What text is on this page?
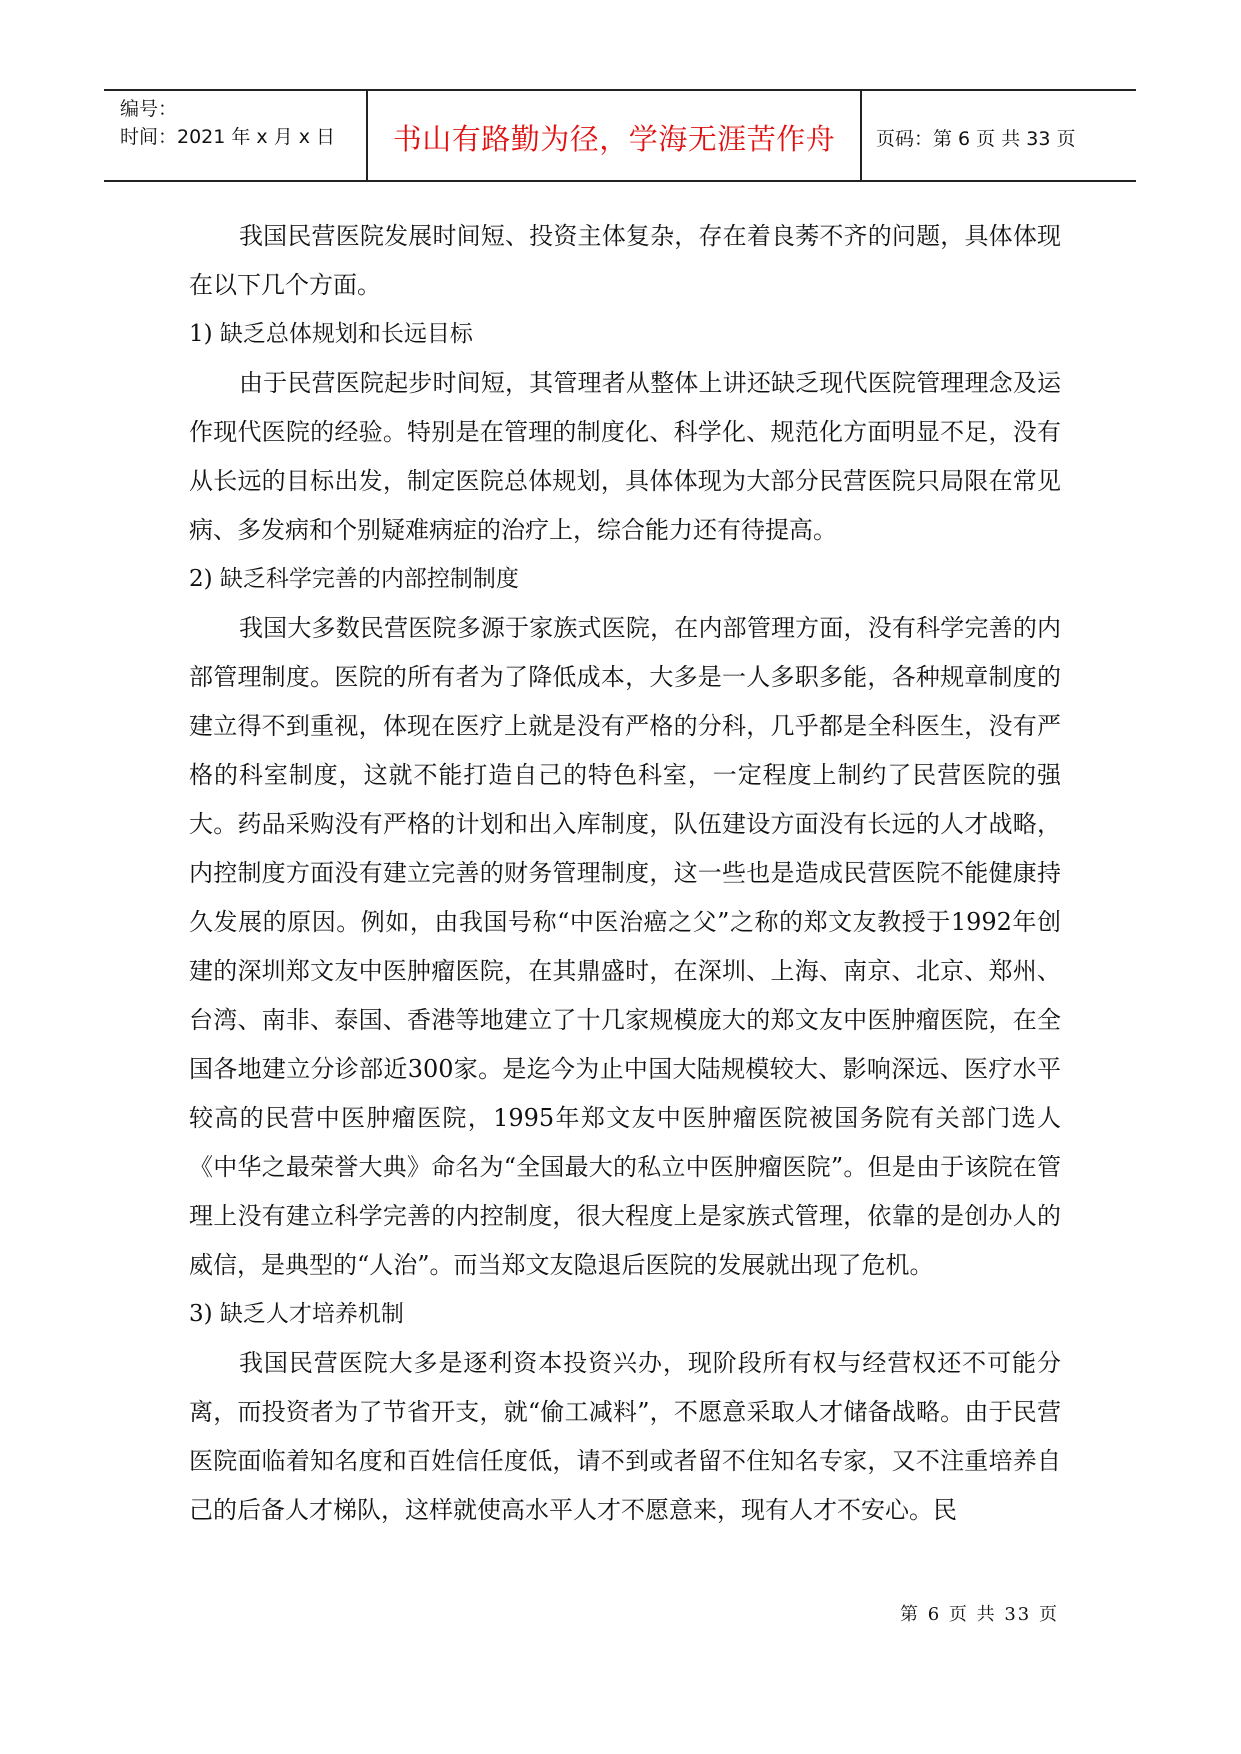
编号：
时间：2021 年 x 月 x 日	书山有路勤为径，学海无涯苦作舟	页码：第 6 页 共 33 页

我国民营医院发展时间短、投资主体复杂，存在着良莠不齐的问题，具体体现在以下几个方面。

1) 缺乏总体规划和长远目标

由于民营医院起步时间短，其管理者从整体上讲还缺乏现代医院管理理念及运作现代医院的经验。特别是在管理的制度化、科学化、规范化方面明显不足，没有从长远的目标出发，制定医院总体规划，具体体现为大部分民营医院只局限在常见病、多发病和个别疑难病症的治疗上，综合能力还有待提高。

2) 缺乏科学完善的内部控制制度

我国大多数民营医院多源于家族式医院，在内部管理方面，没有科学完善的内部管理制度。医院的所有者为了降低成本，大多是一人多职多能，各种规章制度的建立得不到重视，体现在医疗上就是没有严格的分科，几乎都是全科医生，没有严格的科室制度，这就不能打造自己的特色科室，一定程度上制约了民营医院的强大。药品采购没有严格的计划和出入库制度，队伍建设方面没有长远的人才战略，内控制度方面没有建立完善的财务管理制度，这一些也是造成民营医院不能健康持久发展的原因。例如，由我国号称“中医治癌之父”之称的郑文友教授于1992年创建的深圳郑文友中医肿瘤医院，在其鼎盛时，在深圳、上海、南京、北京、郑州、台湾、南非、泰国、香港等地建立了十几家规模庞大的郑文友中医肿瘤医院，在全国各地建立分诊部近300家。是迄今为止中国大陆规模较大、影响深远、医疗水平较高的民营中医肿瘤医院，1995年郑文友中医肿瘤医院被国务院有关部门选人《中华之最荣誉大典》命名为“全国最大的私立中医肿瘤医院”。但是由于该院在管理上没有建立科学完善的内控制度，很大程度上是家族式管理，依靠的是创办人的威信，是典型的“人治”。而当郑文友隐退后医院的发展就出现了危机。

3) 缺乏人才培养机制

我国民营医院大多是逐利资本投资兴办，现阶段所有权与经营权还不可能分离，而投资者为了节省开支，就“偷工减料”，不愿意采取人才储备战略。由于民营医院面临着知名度和百姓信任度低，请不到或者留不住知名专家，又不注重培养自己的后备人才梯队，这样就使高水平人才不愿意来，现有人才不安心。民

第 6 页 共 33 页
